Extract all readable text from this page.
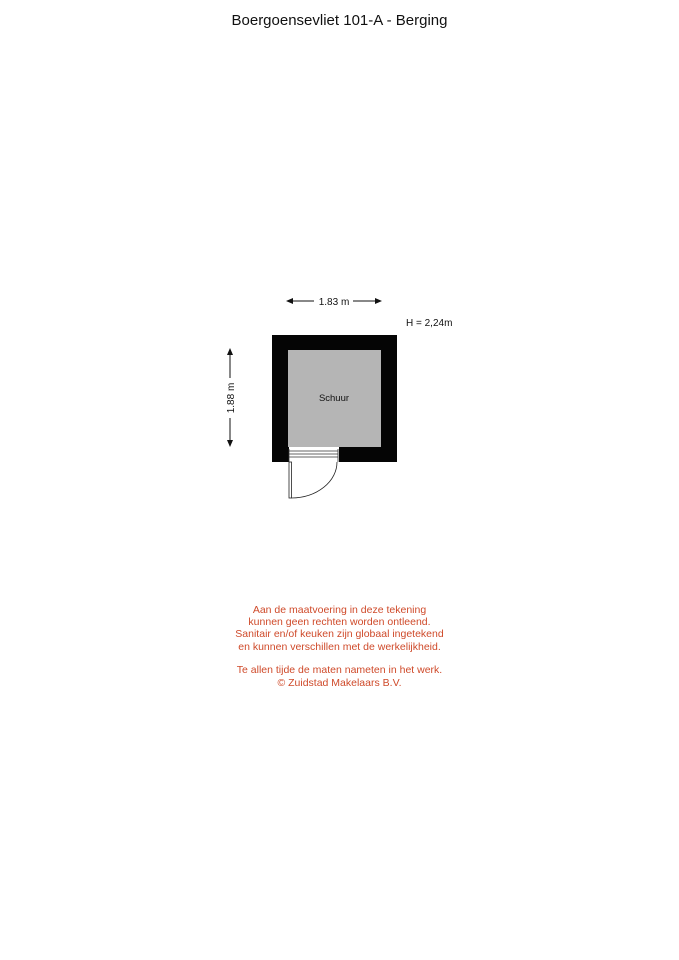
Boergoensevliet 101-A - Berging
1.83 m
H = 2,24m
1.88 m	Schuur
Aan de maatvoering in deze tekening
kunnen geen rechten worden ontleend.
Sanitair en/of keuken zijn globaal ingetekend
en kunnen verschillen met de werkelijkheid.
Te allen tijde de maten nameten in het werk.
© Zuidstad Makelaars B.V.
